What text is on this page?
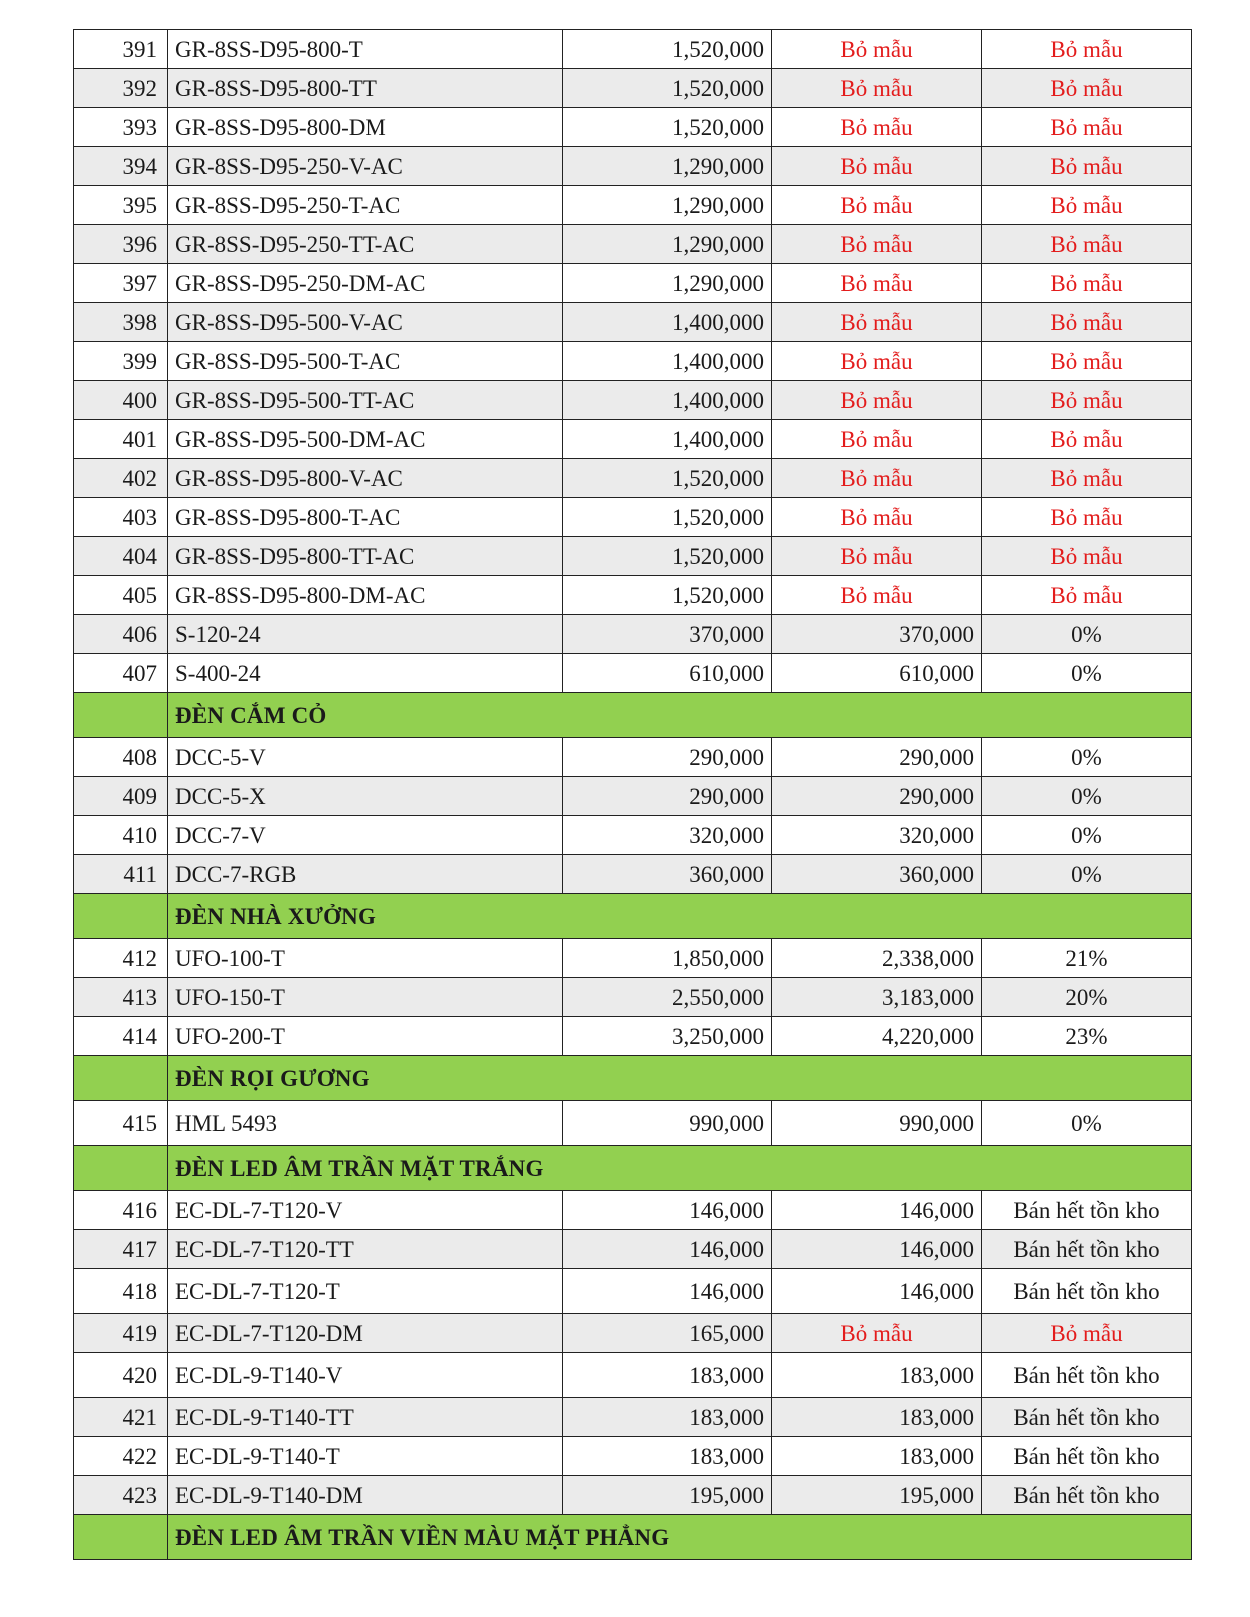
391	GR-8SS-D95-800-T	1,520,000	Bỏ mẫu	Bỏ mẫu
392	GR-8SS-D95-800-TT	1,520,000	Bỏ mẫu	Bỏ mẫu
393	GR-8SS-D95-800-DM	1,520,000	Bỏ mẫu	Bỏ mẫu
394	GR-8SS-D95-250-V-AC	1,290,000	Bỏ mẫu	Bỏ mẫu
395	GR-8SS-D95-250-T-AC	1,290,000	Bỏ mẫu	Bỏ mẫu
396	GR-8SS-D95-250-TT-AC	1,290,000	Bỏ mẫu	Bỏ mẫu
397	GR-8SS-D95-250-DM-AC	1,290,000	Bỏ mẫu	Bỏ mẫu
398	GR-8SS-D95-500-V-AC	1,400,000	Bỏ mẫu	Bỏ mẫu
399	GR-8SS-D95-500-T-AC	1,400,000	Bỏ mẫu	Bỏ mẫu
400	GR-8SS-D95-500-TT-AC	1,400,000	Bỏ mẫu	Bỏ mẫu
401	GR-8SS-D95-500-DM-AC	1,400,000	Bỏ mẫu	Bỏ mẫu
402	GR-8SS-D95-800-V-AC	1,520,000	Bỏ mẫu	Bỏ mẫu
403	GR-8SS-D95-800-T-AC	1,520,000	Bỏ mẫu	Bỏ mẫu
404	GR-8SS-D95-800-TT-AC	1,520,000	Bỏ mẫu	Bỏ mẫu
405	GR-8SS-D95-800-DM-AC	1,520,000	Bỏ mẫu	Bỏ mẫu
406	S-120-24	370,000	370,000	0%
407	S-400-24	610,000	610,000	0%
	ĐÈN CẮM CỎ			
408	DCC-5-V	290,000	290,000	0%
409	DCC-5-X	290,000	290,000	0%
410	DCC-7-V	320,000	320,000	0%
411	DCC-7-RGB	360,000	360,000	0%
	ĐÈN NHÀ XƯỞNG			
412	UFO-100-T	1,850,000	2,338,000	21%
413	UFO-150-T	2,550,000	3,183,000	20%
414	UFO-200-T	3,250,000	4,220,000	23%
	ĐÈN RỌI GƯƠNG			
415	HML 5493	990,000	990,000	0%
	ĐÈN LED ÂM TRẦN MẶT TRẮNG			
416	EC-DL-7-T120-V	146,000	146,000	Bán hết tồn kho
417	EC-DL-7-T120-TT	146,000	146,000	Bán hết tồn kho
418	EC-DL-7-T120-T	146,000	146,000	Bán hết tồn kho
419	EC-DL-7-T120-DM	165,000	Bỏ mẫu	Bỏ mẫu
420	EC-DL-9-T140-V	183,000	183,000	Bán hết tồn kho
421	EC-DL-9-T140-TT	183,000	183,000	Bán hết tồn kho
422	EC-DL-9-T140-T	183,000	183,000	Bán hết tồn kho
423	EC-DL-9-T140-DM	195,000	195,000	Bán hết tồn kho
	ĐÈN LED ÂM TRẦN VIỀN MÀU MẶT PHẲNG			
